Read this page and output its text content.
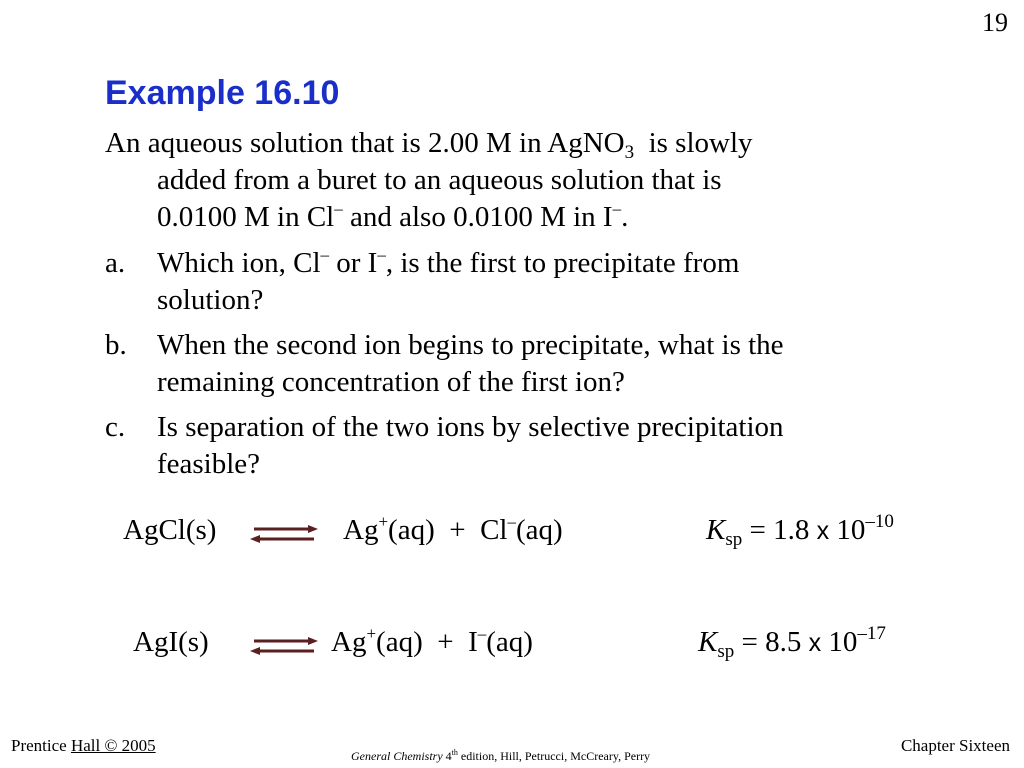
19
Example 16.10
An aqueous solution that is 2.00 M in AgNO$_3$ is slowly
added from a buret to an aqueous solution that is
0.0100 M in Cl– and also 0.0100 M in I–.
a. Which ion, Cl– or I–, is the first to precipitate from
solution?
b. When the second ion begins to precipitate, what is the
remaining concentration of the first ion?
c. Is separation of the two ions by selective precipitation
feasible?
AgCl(s)	Ag+(aq) + Cl–(aq)	$K_{sp} = 1.8$ x $10^{-10}$
AgI(s)	Ag+(aq) + I–(aq)	$K_{sp} = 8.5$ x $10^{-17}$
Prentice Hall © 2005
General Chemistry 4th edition, Hill, Petrucci, McCreary, Perry
Chapter Sixteen
